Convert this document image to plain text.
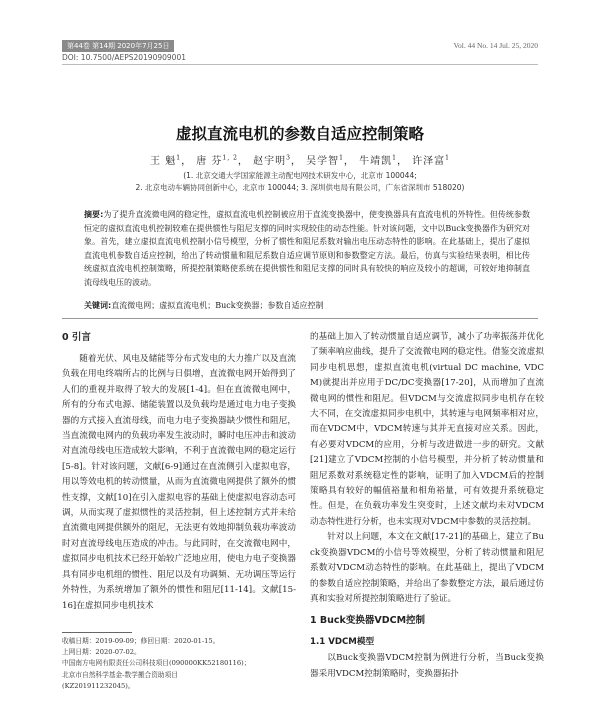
第44卷 第14期 2020年7月25日
DOI: 10.7500/AEPS20190909001
Vol. 44 No. 14 Jul. 25, 2020
虚拟直流电机的参数自适应控制策略
王 魁$^1$， 唐 芬$^{1, 2}$， 赵宇明$^3$， 吴学智$^1$， 牛靖凯$^1$， 许泽富$^1$
(1. 北京交通大学国家能源主动配电网技术研发中心，北京市 100044;
2. 北京电动车辆协同创新中心，北京市 100044; 3. 深圳供电局有限公司，广东省深圳市 518020)
摘要:为了提升直流微电网的稳定性，虚拟直流电机控制被应用于直流变换器中，使变换器具有直流电机的外特性。但传统参数恒定的虚拟直流电机控制较难在提供惯性与阻尼支撑的同时实现较佳的动态性能。针对该问题，文中以Buck变换器作为研究对象。首先，建立虚拟直流电机控制小信号模型，分析了惯性和阻尼系数对输出电压动态特性的影响。在此基础上，提出了虚拟直流电机参数自适应控制，给出了转动惯量和阻尼系数自适应调节原则和参数整定方法。最后，仿真与实验结果表明，相比传统虚拟直流电机控制策略，所提控制策略使系统在提供惯性和阻尼支撑的同时具有较快的响应及较小的超调，可较好地抑制直流母线电压的波动。
关键词:直流微电网；虚拟直流电机；Buck变换器；参数自适应控制
0 引言

随着光伏、风电及储能等分布式发电的大力推广以及直流负载在用电终端所占的比例与日俱增，直流微电网开始得到了人们的重视并取得了较大的发展[1-4]。但在直流微电网中，所有的分布式电源、储能装置以及负载均是通过电力电子变换器的方式接入直流母线，而电力电子变换器缺少惯性和阻尼，当直流微电网内的负载功率发生波动时，瞬时电压冲击和波动对直流母线电压造成较大影响，不利于直流微电网的稳定运行[5-8]。针对该问题，文献[6-9]通过在直流侧引入虚拟电容，用以等效电机的转动惯量，从而为直流微电网提供了额外的惯性支撑，文献[10]在引入虚拟电容的基础上使虚拟电容动态可调，从而实现了虚拟惯性的灵活控制，但上述控制方式并未给直流微电网提供额外的阻尼，无法更有效地抑制负载功率波动时对直流母线电压造成的冲击。与此同时，在交流微电网中，虚拟同步电机技术已经开始较广泛地应用，使电力电子变换器具有同步电机组的惯性、阻尼以及有功调频、无功调压等运行外特性，为系统增加了额外的惯性和阻尼[11-14]。文献[15-16]在虚拟同步电机技术

的基础上加入了转动惯量自适应调节，减小了功率振荡并优化了频率响应曲线，提升了交流微电网的稳定性。借鉴交流虚拟同步电机思想，虚拟直流电机(virtual DC machine, VDCM)就提出并应用于DC/DC变换器[17-20]，从而增加了直流微电网的惯性和阻尼。但VDCM与交流虚拟同步电机存在较大不同，在交流虚拟同步电机中，其转速与电网频率相对应，而在VDCM中，VDCM转速与其并无直接对应关系。因此，有必要对VDCM的应用，分析与改进做进一步的研究。文献[21]建立了VDCM控制的小信号模型，并分析了转动惯量和阻尼系数对系统稳定性的影响，证明了加入VDCM后的控制策略具有较好的幅值裕量和相角裕量，可有效提升系统稳定性。但是，在负载功率发生突变时，上述文献均未对VDCM动态特性进行分析，也未实现对VDCM中参数的灵活控制。

针对以上问题，本文在文献[17-21]的基础上，建立了Buck变换器VDCM的小信号等效模型，分析了转动惯量和阻尼系数对VDCM动态特性的影响。在此基础上，提出了VDCM的参数自适应控制策略，并给出了参数整定方法，最后通过仿真和实验对所提控制策略进行了验证。

1 Buck变换器VDCM控制
1.1 VDCM模型

以Buck变换器VDCM控制为例进行分析，当Buck变换器采用VDCM控制策略时，变换器拓扑

收稿日期：2019-09-09；修回日期：2020-01-15。
上网日期：2020-07-02。
中国南方电网有限责任公司科技项目(090000KK52180116)；
北京市自然科学基金-数学搬合资助项目
(KZ201911232045)。
